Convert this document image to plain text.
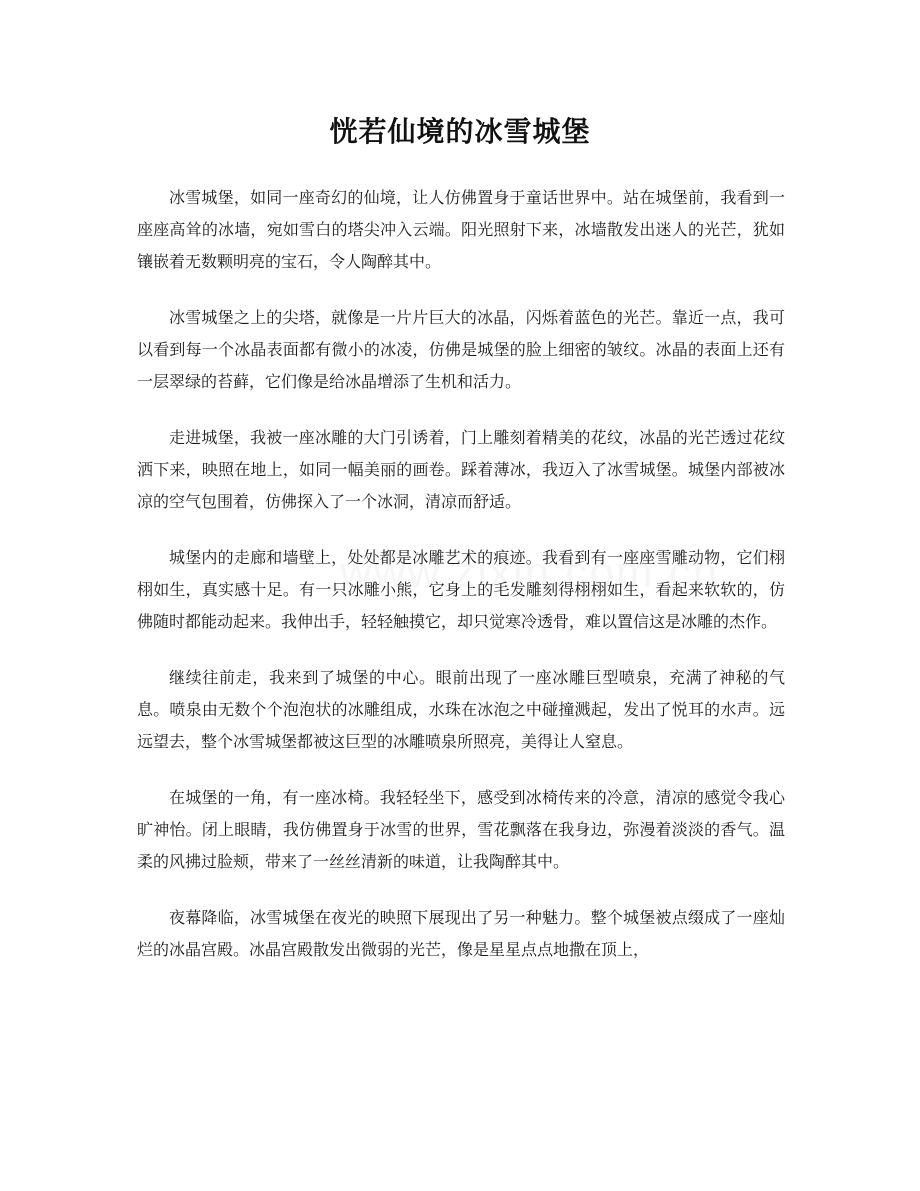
恍若仙境的冰雪城堡

冰雪城堡，如同一座奇幻的仙境，让人仿佛置身于童话世界中。站在城堡前，我看到一座座高耸的冰墙，宛如雪白的塔尖冲入云端。阳光照射下来，冰墙散发出迷人的光芒，犹如镶嵌着无数颗明亮的宝石，令人陶醉其中。

冰雪城堡之上的尖塔，就像是一片片巨大的冰晶，闪烁着蓝色的光芒。靠近一点，我可以看到每一个冰晶表面都有微小的冰凌，仿佛是城堡的脸上细密的皱纹。冰晶的表面上还有一层翠绿的苔藓，它们像是给冰晶增添了生机和活力。

走进城堡，我被一座冰雕的大门引诱着，门上雕刻着精美的花纹，冰晶的光芒透过花纹洒下来，映照在地上，如同一幅美丽的画卷。踩着薄冰，我迈入了冰雪城堡。城堡内部被冰凉的空气包围着，仿佛探入了一个冰洞，清凉而舒适。

城堡内的走廊和墙壁上，处处都是冰雕艺术的痕迹。我看到有一座座雪雕动物，它们栩栩如生，真实感十足。有一只冰雕小熊，它身上的毛发雕刻得栩栩如生，看起来软软的，仿佛随时都能动起来。我伸出手，轻轻触摸它，却只觉寒冷透骨，难以置信这是冰雕的杰作。

继续往前走，我来到了城堡的中心。眼前出现了一座冰雕巨型喷泉，充满了神秘的气息。喷泉由无数个个泡泡状的冰雕组成，水珠在冰泡之中碰撞溅起，发出了悦耳的水声。远远望去，整个冰雪城堡都被这巨型的冰雕喷泉所照亮，美得让人窒息。

在城堡的一角，有一座冰椅。我轻轻坐下，感受到冰椅传来的冷意，清凉的感觉令我心旷神怡。闭上眼睛，我仿佛置身于冰雪的世界，雪花飘落在我身边，弥漫着淡淡的香气。温柔的风拂过脸颊，带来了一丝丝清新的味道，让我陶醉其中。

夜幕降临，冰雪城堡在夜光的映照下展现出了另一种魅力。整个城堡被点缀成了一座灿烂的冰晶宫殿。冰晶宫殿散发出微弱的光芒，像是星星点点地撒在顶上，
